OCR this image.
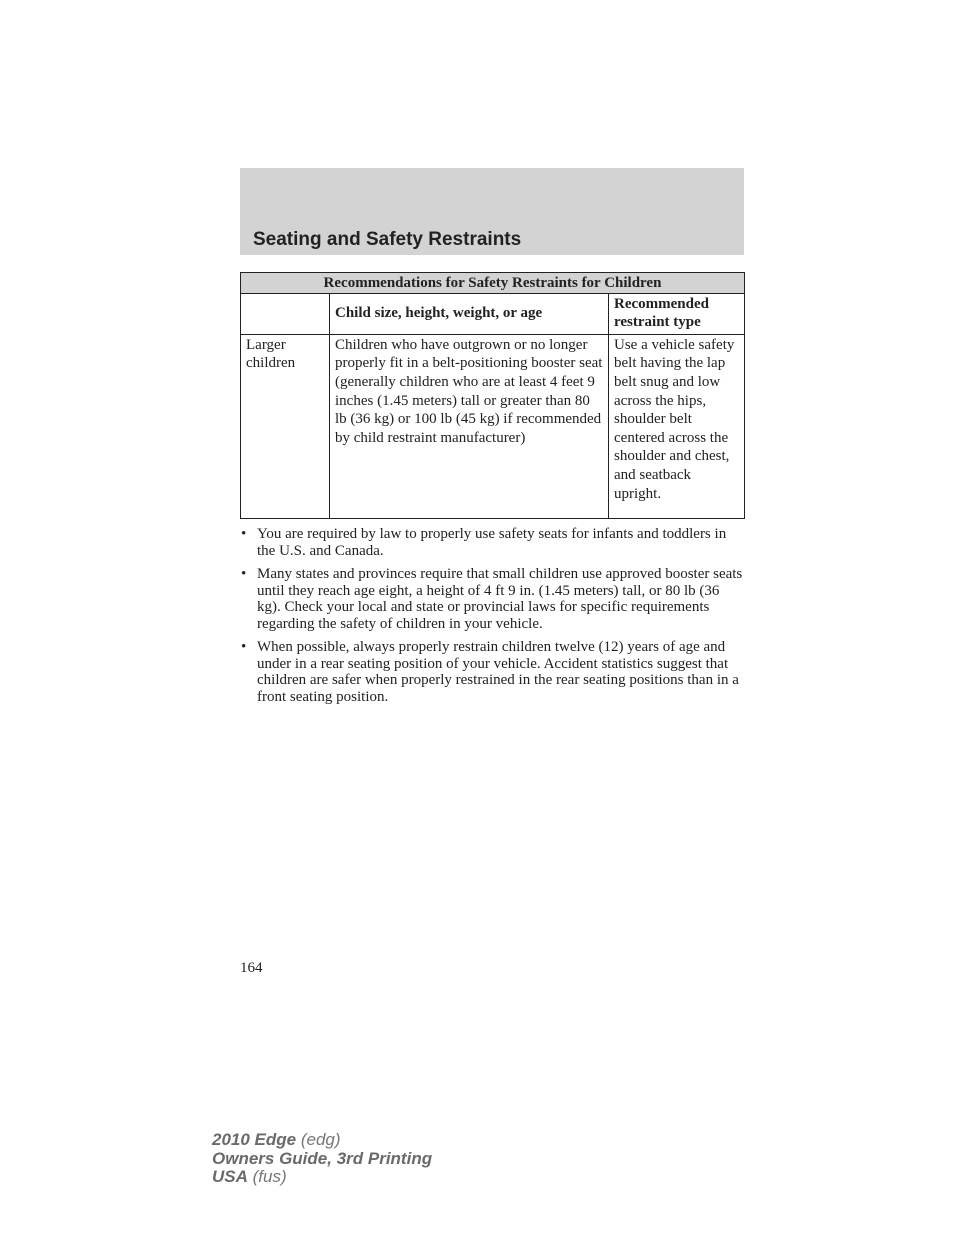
Seating and Safety Restraints
Recommendations for Safety Restraints for Children		
	Child size, height, weight, or age	Recommended restraint type
Larger children	Children who have outgrown or no longer properly fit in a belt-positioning booster seat (generally children who are at least 4 feet 9 inches (1.45 meters) tall or greater than 80 lb (36 kg) or 100 lb (45 kg) if recommended by child restraint manufacturer)	Use a vehicle safety belt having the lap belt snug and low across the hips, shoulder belt centered across the shoulder and chest, and seatback upright.
• You are required by law to properly use safety seats for infants and toddlers in the U.S. and Canada.
• Many states and provinces require that small children use approved booster seats until they reach age eight, a height of 4 ft 9 in. (1.45 meters) tall, or 80 lb (36 kg). Check your local and state or provincial laws for specific requirements regarding the safety of children in your vehicle.
• When possible, always properly restrain children twelve (12) years of age and under in a rear seating position of your vehicle. Accident statistics suggest that children are safer when properly restrained in the rear seating positions than in a front seating position.
164
2010 Edge (edg)
Owners Guide, 3rd Printing
USA (fus)
